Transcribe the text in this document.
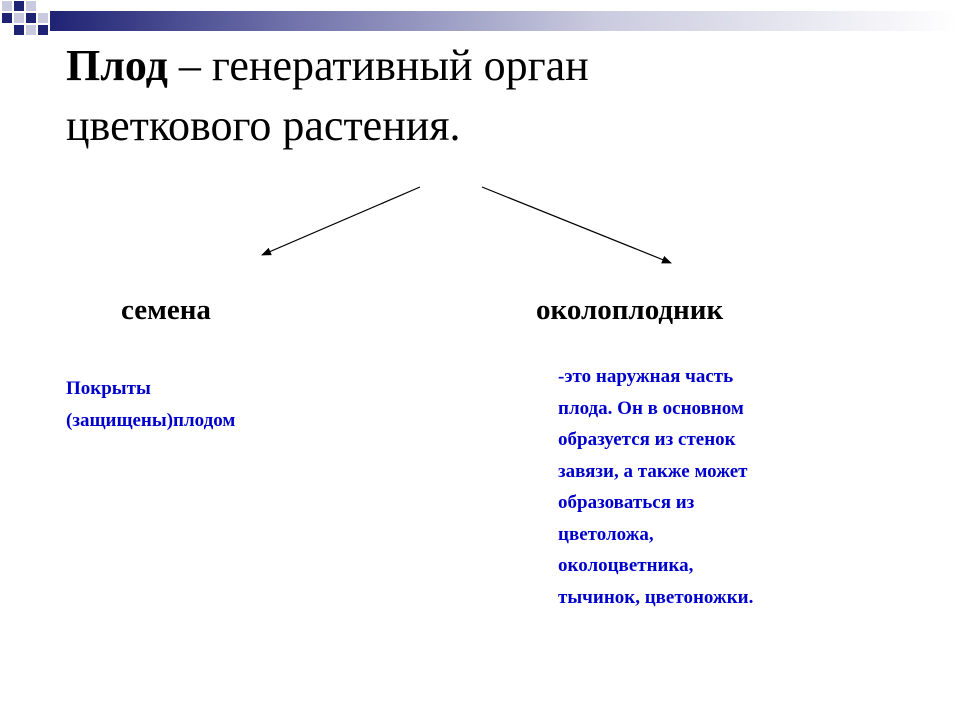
Плод – генеративный орган
цветкового растения.
семена
Покрыты
(защищены)плодом
околоплодник
-это наружная часть
плода. Он в основном
образуется из стенок
завязи, а также может
образоваться из
цветоложа,
околоцветника,
тычинок, цветоножки.
